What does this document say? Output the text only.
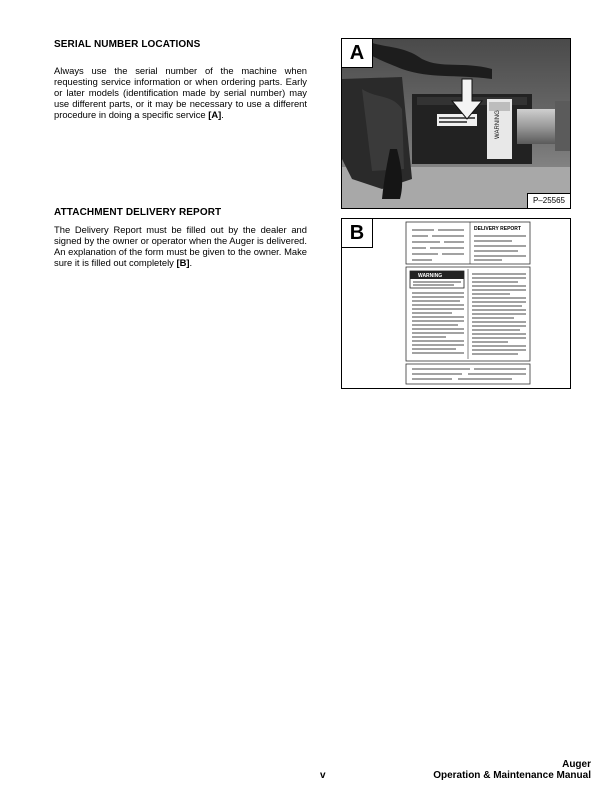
SERIAL NUMBER LOCATIONS
Always use the serial number of the machine when requesting service information or when ordering parts. Early or later models (identification made by serial number) may use different parts, or it may be necessary to use a different procedure in doing a specific service [A].
ATTACHMENT DELIVERY REPORT
The Delivery Report must be filled out by the dealer and signed by the owner or operator when the Auger is delivered. An explanation of the form must be given to the owner. Make sure it is filled out completely [B].
A
WARNING
P–25565
B	DELIVERY REPORT
WARNING
v
Auger
Operation & Maintenance Manual
